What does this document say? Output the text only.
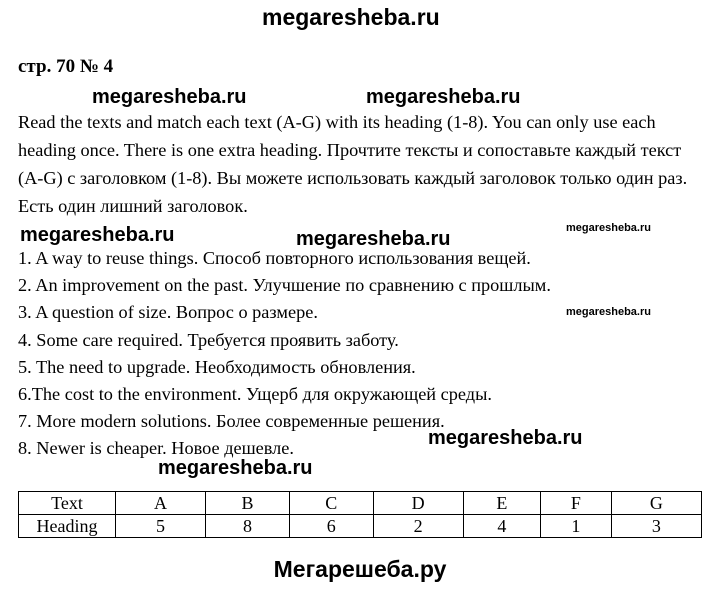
megaresheba.ru
стр. 70 № 4
megaresheba.ru	megaresheba.ru
Read the texts and match each text (A-G) with its heading (1-8). You can only use each heading once. There is one extra heading. Прочтите тексты и сопоставьте каждый текст (A-G) с заголовком (1-8). Вы можете использовать каждый заголовок только один раз. Есть один лишний заголовок.
megaresheba.ru	megaresheba.ru	megaresheba.ru
megaresheba.ru
1. A way to reuse things. Способ повторного использования вещей.
2. An improvement on the past. Улучшение по сравнению с прошлым.
3. A question of size. Вопрос о размере.
4. Some care required. Требуется проявить заботу.
5. The need to upgrade. Необходимость обновления.
6.The cost to the environment. Ущерб для окружающей среды.
7. More modern solutions. Более современные решения.
8. Newer is cheaper. Новое дешевле.	megaresheba.ru
megaresheba.ru
Text	A	B	C	D	E	F	G
Heading	5	8	6	2	4	1	3
Мегарешеба.ру
